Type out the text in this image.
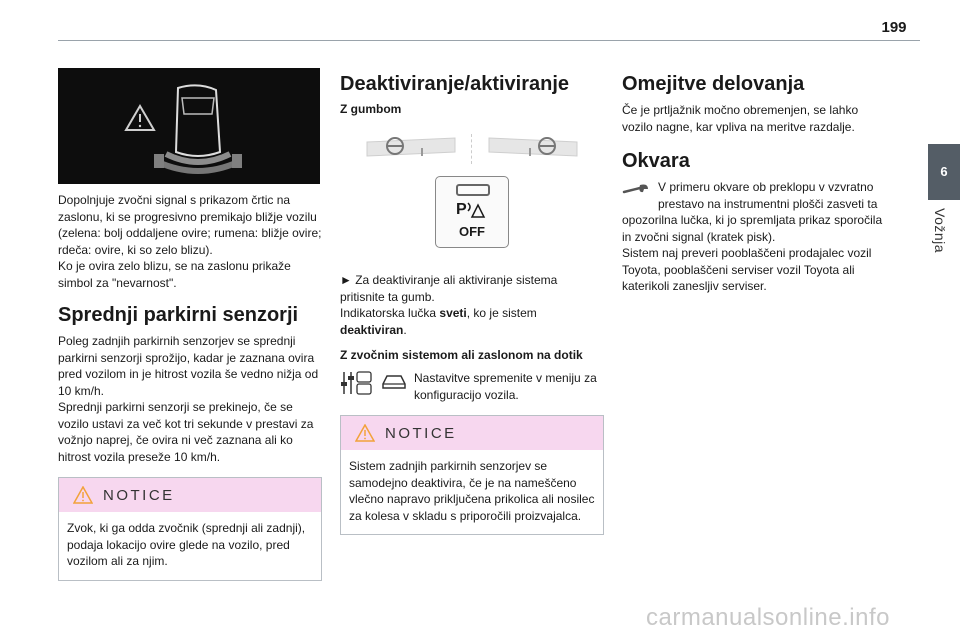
199
6
Vožnja

Dopolnjuje zvočni signal s prikazom črtic na zaslonu, ki se progresivno premikajo bližje vozilu (zelena: bolj oddaljene ovire; rumena: bližje ovire; rdeča: ovire, ki so zelo blizu).

Ko je ovira zelo blizu, se na zaslonu prikaže simbol za "nevarnost".

Sprednji parkirni senzorji

Poleg zadnjih parkirnih senzorjev se sprednji parkirni senzorji sprožijo, kadar je zaznana ovira pred vozilom in je hitrost vozila še vedno nižja od 10 km/h.

Sprednji parkirni senzorji se prekinejo, če se vozilo ustavi za več kot tri sekunde v prestavi za vožnjo naprej, če ovira ni več zaznana ali ko hitrost vozila preseže 10 km/h.

NOTICE
Zvok, ki ga odda zvočnik (sprednji ali zadnji), podaja lokacijo ovire glede na vozilo, pred vozilom ali za njim.
Deaktiviranje/aktiviranje
Z gumbom
P
OFF

► Za deaktiviranje ali aktiviranje sistema pritisnite ta gumb.

Indikatorska lučka sveti, ko je sistem deaktiviran.

Z zvočnim sistemom ali zaslonom na dotik
Nastavitve spremenite v meniju za konfiguracijo vozila.
NOTICE
Sistem zadnjih parkirnih senzorjev se samodejno deaktivira, če je na nameščeno vlečno napravo priključena prikolica ali nosilec za kolesa v skladu s priporočili proizvajalca.
Omejitve delovanja

Če je prtljažnik močno obremenjen, se lahko vozilo nagne, kar vpliva na meritve razdalje.

Okvara

V primeru okvare ob preklopu v vzvratno prestavo na instrumentni plošči zasveti ta opozorilna lučka, ki jo spremljata prikaz sporočila in zvočni signal (kratek pisk).

Sistem naj preveri pooblaščeni prodajalec vozil Toyota, pooblaščeni serviser vozil Toyota ali katerikoli zanesljiv serviser.

carmanualsonline.info
